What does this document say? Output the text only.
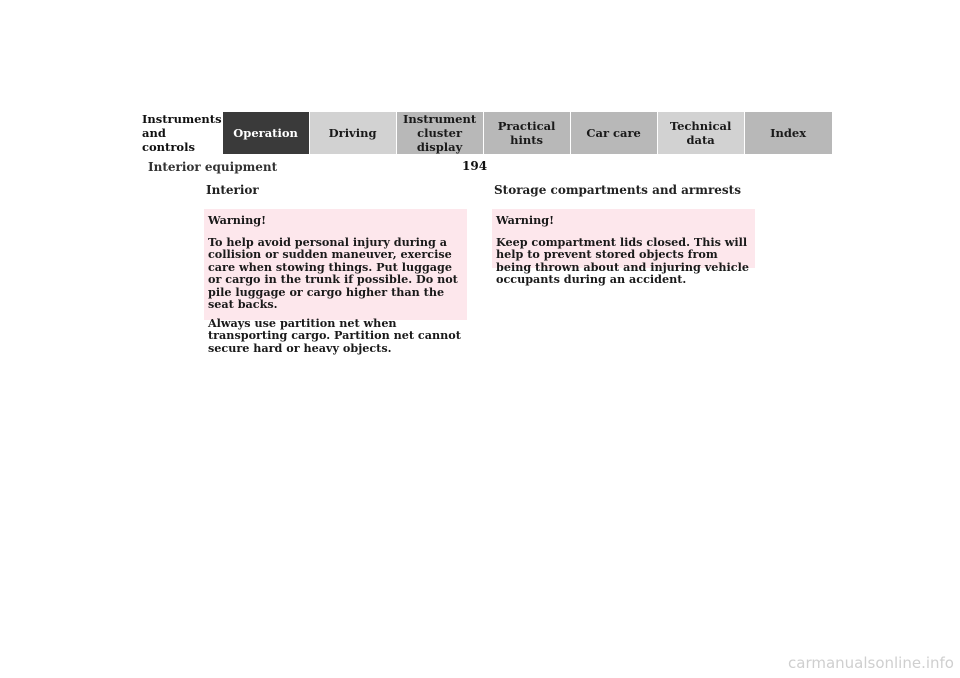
Instruments
and controls
Operation	Driving
Instrument
cluster display
Practical hints	Car care	Technical
data	Index
Interior equipment	194
Interior
Warning!

To help avoid personal injury during a collision or sudden maneuver, exercise care when stowing things. Put luggage or cargo in the trunk if possible. Do not pile luggage or cargo higher than the seat backs.

Always use partition net when transporting cargo. Partition net cannot secure hard or heavy objects.

Storage compartments and armrests
Warning!

Keep compartment lids closed. This will help to prevent stored objects from being thrown about and injuring vehicle occupants during an accident.

carmanualsonline.info
